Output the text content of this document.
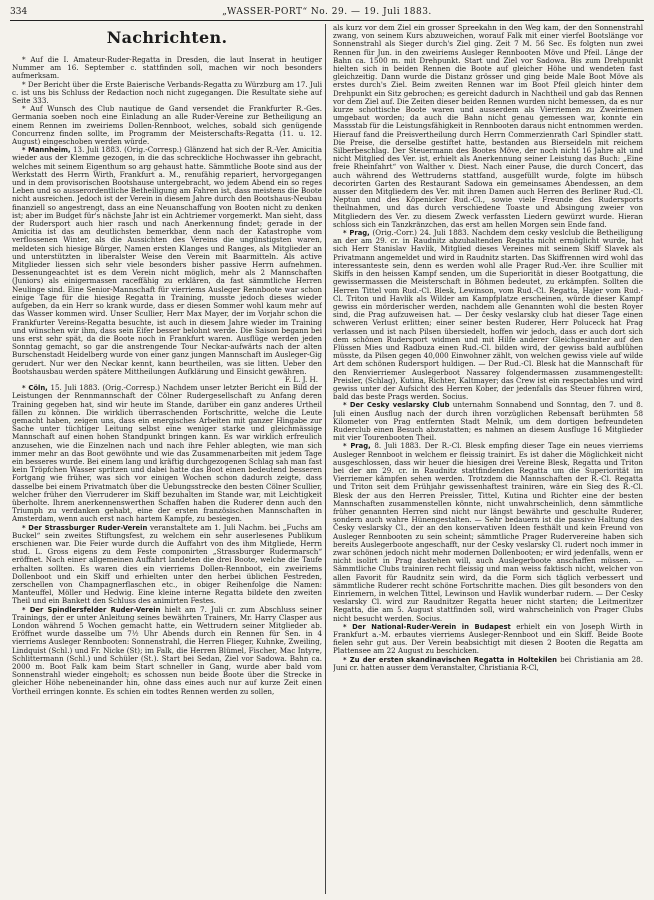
334	„WASSER-PORT“ No. 29. — 19. Juli 1883.
Nachrichten.

* Auf die I. Amateur-Ruder-Regatta in Dresden, die laut Inserat in heutiger Nummer am 16. September c. stattfinden soll, machen wir noch besonders aufmerksam.

* Der Bericht über die Erste Baierische Verbands-Regatta zu Würzburg am 17. Juli c. ist uns bis Schluss der Redaction noch nicht zugegangen. Die Resultate siehe auf Seite 333.

* Auf Wunsch des Club nautique de Gand versendet die Frankfurter R.-Ges. Germania soeben noch eine Einladung an alle Ruder-Vereine zur Betheiligung an einem Rennen im zweiriems Dollen-Rennboot, welches, sobald sich genügende Concurrenz finden sollte, im Programm der Meisterschafts-Regatta (11. u. 12. August) eingeschoben werden würde.

* Mannheim, 13. Juli 1883. (Orig.-Corresp.) Glänzend hat sich der R.-Ver. Amicitia wieder aus der Klemme gezogen, in die das schreckliche Hochwasser ihn gebracht, welches mit seinem Eigenthum so arg gehaust hatte. Sämmtliche Boote sind aus der Werkstatt des Herrn Wirth, Frankfurt a. M., renufähig repariert, hervorgegangen und in dem provisorischen Bootshause untergebracht, wo jedem Abend ein so reges Leben und so ausserordentliche Betheiligung am Fahren ist, dass meistens die Boote nicht ausreichen. Jedoch ist der Verein in diesem Jahre durch den Bootshaus-Neubau finanziell so angestrengt, dass an eine Neuanschaffung von Booten nicht zu denken ist; aber im Budget für's nächste Jahr ist ein Achtriemer vorgemerkt. Man sieht, dass der Rudersport auch hier rasch und nach Anerkennung findet; gerade in der Amicitia ist das am deutlichsten bemerkbar, denn nach der Katastrophe vom verflossenen Winter, als die Aussichten des Vereins die ungünstigsten waren, meldeten sich hiesige Bürger, Namen ersten Klanges und Ranges, als Mitglieder an und unterstützten in liberalster Weise den Verein mit Baarmitteln. Als active Mitglieder liessen sich sehr viele besonders bisher passive Herrn aufnehmen. Dessenungeachtet ist es dem Verein nicht möglich, mehr als 2 Mannschaften (Juniors) als einigermassen raceffähig zu erklären, da fast sämmtliche Herren Neulinge sind. Eine Senior-Mannschaft für vierriems Ausleger Rennboote war schon einige Tage für die hiesige Regatta in Training, musste jedoch dieses wieder aufgeben, da ein Herr so krank wurde, dass er diesen Sommer wohl kaum mehr auf das Wasser kommen wird. Unser Scullier, Herr Max Mayer, der im Vorjahr schon die Frankfurter Vereins-Regatta besuchte, ist auch in diesem Jahre wieder im Training und wünschen wir ihm, dass sein Eifer besser belohnt werde. Die Saison begann bei uns erst sehr spät, da die Boote noch in Frankfurt waren. Ausflüge werden jeden Sonntag gemacht, so gar die anstrengende Tour Neckar-aufwärts nach der alten Burschenstadt Heidelberg wurde von einer ganz jungen Mannschaft im Ausleger-Gig gerudert. Nur wer den Neckar kennt, kann beurtheilen, was sie litten. Ueber den Bootshausbau werden spätere Mittheilungen Aufklärung und Einsicht gewähren.

F. L. J. H.

* Cöln, 15. Juli 1883. (Orig.-Corresp.) Nachdem unser letzter Bericht ein Bild der Leistungen der Rennmannschaft der Cölner Rudergesellschaft zu Anfang deren Training gegeben hat, sind wir heute im Stande, darüber ein ganz anderes Urtheil fällen zu können. Die wirklich überraschenden Fortschritte, welche die Leute gemacht haben, zeigen uns, dass ein energisches Arbeiten mit ganzer Hingabe zur Sache unter tüchtiger Leitung selbst eine weniger starke und gleichmässige Mannschaft auf einen hohen Standpunkt bringen kann. Es war wirklich erfreulich anzusehen, wie die Einzelnen nach und nach ihre Fehler ablegten, wie man sich immer mehr an das Boot gewöhnte und wie das Zusammenarbeiten mit jedem Tage ein besseres wurde. Bei einem lang und kräftig durchgezogenen Schlag sah man fast kein Tröpfchen Wasser spritzen und dabei hatte das Boot einen bedeutend besseren Fortgang wie früher, was sich vor einigen Wochen schon dadurch zeigte, dass dasselbe bei einem Privatmatch über die Uebungsstrecke den besten Cölner Scullier, welcher früher den Vierruderer im Skiff bezuhalten im Stande war, mit Leichtigkeit überholte. Ihrem anerkennenswerthen Schaffen haben die Ruderer denn auch den Triumph zu verdanken gehabt, eine der ersten französischen Mannschaften in Amsterdam, wenn auch erst nach hartem Kampfe, zu besiegen.

* Der Strassburger Ruder-Verein veranstaltete am 1. Juli Nachm. bei „Fuchs am Buckel“ sein zweites Stiftungsfest, zu welchem ein sehr auserlesenes Publikum erschienen war. Die Feier wurde durch die Auffahrt von des ihm Mitgliede, Herrn stud. L. Gross eigens zu dem Feste componirten „Strassburger Rudermarsch“ eröffnet. Nach einer allgemeinen Auffahrt landeten die drei Boote, welche die Taufe erhalten sollten. Es waren dies ein vierriems Dollen-Rennboot, ein zweiriems Dollenboot und ein Skiff und erhielten unter den herbei üblichen Festreden, zerschellen von Champagnerflaschen etc., in obiger Reihenfolge die Namen: Manteuffel, Möller und Hedwig. Eine kleine interne Regatta bildete den zweiten Theil und ein Bankett den Schluss des animirten Festes.

* Der Spindlersfelder Ruder-Verein hielt am 7. Juli cr. zum Abschluss seiner Trainings, der er unter Anleitung seines bewährten Trainers, Mr. Harry Clasper aus London während 5 Wochen gemacht hatte, ein Wettrudern seiner Mitglieder ab. Eröffnet wurde dasselbe um 7½ Uhr Abends durch ein Rennen für Sen. in 4 vierriems Ausleger Rennbooten: Sonnenstrahl, die Herren Flieger, Kuhnke, Zweiling, Lindquist (Schl.) und Fr. Nicke (St); im Falk, die Herren Blümel, Fischer, Mac Intyre, Schlittermann (Schl.) und Schüler (St.). Start bei Sedan, Ziel vor Sadowa. Bahn ca. 2000 m. Boot Falk kam beim Start schneller in Gang, wurde aber bald vom Sonnenstrahl wieder eingeholt; es schossen nun beide Boote über die Strecke in gleicher Höhe nebeneinander hin, ohne dass eines auch nur auf kurze Zeit einen Vortheil erringen konnte. Es schien ein todtes Rennen werden zu sollen,

als kurz vor dem Ziel ein grosser Spreekahn in den Weg kam, der den Sonnenstrahl zwang, von seinem Kurs abzuweichen, worauf Falk mit einer vierfel Bootslänge vor Sonnenstrahl als Sieger durch's Ziel ging. Zeit 7 M. 56 Sec. Es folgten nun zwei Rennen für Jun. in den zweiriems Ausleger Rennbooten Möve und Pfeil. Länge der Bahn ca. 1500 m. mit Drehpunkt. Start und Ziel vor Sadowa. Bis zum Drehpunkt hielten sich in beiden Rennen die Boote auf gleicher Höhe und wendeten fast gleichzeitig. Dann wurde die Distanz grösser und ging beide Male Boot Möve als erstes durch's Ziel. Beim zweiten Rennen war im Boot Pfeil gleich hinter dem Drehpunkt ein Sitz gebrochen; es gereicht dadurch in Nachtheil und gab das Rennen vor dem Ziel auf. Die Zeiten dieser beiden Rennen wurden nicht bemessen, da es nur kurze schottische Boote waren und ausserdem als Vierriemen zu Zweiriemen umgebaut worden; da auch die Bahn nicht genau gemessen war, konnte ein Massstab für die Leistungsfähigkeit in Rennbooten daraus nicht entnommen werden. Hierauf fand die Preisvertheilung durch Herrn Commerzienrath Carl Spindler statt. Die Preise, die derselbe gestiftet hatte, bestanden aus Bierseideln mit reichem Silberbeschlag. Der Steuermann des Bootes Möve, der noch nicht 16 Jahre alt und nicht Mitglied des Ver. ist, erhielt als Anerkennung seiner Leistung das Buch: „Eine freie Rheinfahrt“ von Walther v. Diest. Nach einer Pause, die durch Concert, das auch während des Wettruderns stattfand, ausgefüllt wurde, folgte im hübsch decorirten Garten des Restaurant Sadowa ein gemeinsames Abendessen, an dem ausser den Mitgliedern des Ver. mit ihren Damen auch Herren des Berliner Rud.-Cl. Neptun und des Köpenicker Rud.-Cl., sowie viele Freunde des Rudersports theilnahmen, und das durch verschiedene Toaste und Absingung zweier von Mitgliedern des Ver. zu diesem Zweck verfassten Liedern gewürzt wurde. Hieran schloss sich ein Tanzkränzchen, das erst am hellen Morgen sein Ende fand.

* Prag, (Orig.-Corr.) 24. Juli 1883. Nachdem dem cesky veslclub die Betheiligung an der am 29. cr. in Raudnitz abzuhaltenden Regatta nicht ermöglicht wurde, hat sich Herr Stanislav Havlik, Mitglied dieses Vereines mit seinem Skiff Slavek als Privatmann angemeldet und wird in Raudnitz starten. Das Skiffrennen wird wohl das interessanteste sein, denn es werden wohl alle Prager Rud.-Ver. ihre Scullier mit Skiffs in den heissen Kampf senden, um die Superiorität in dieser Bootgattung, die gewissermassen die Meisterschaft in Böhmen bedeutet, zu erkämpfen. Sollten die Herren Tittel vom Rud.-Cl. Blesk, Lewinson, vom Rud.-Cl. Regatta, Hajer vom Rud.-Cl. Triton und Havlik als Wilder am Kampfplatze erscheinen, würde dieser Kampf gewiss ein mörderischer werden, nachdem alle Genannten wohl die besten Royer sind, die Prag aufzuweisen hat. — Der česky veslarsky club hat dieser Tage einen schweren Verlust erlitten; einer seiner besten Ruderer, Herr Poluceck hat Prag verlassen und ist nach Pilsen übersiedelt, hoffen wir jedoch, dass er auch dort sich dem schönen Rudersport widmen und mit Hilfe anderer Gleichgesinnter auf den Flüssen Mies und Radbuza einen Rud.-Cl. bilden wird, der gewiss bald aufblühen müsste, da Pilsen gegen 40,000 Einwohner zählt, von welchen gewiss viele auf wilde Art dem schönen Rudersport huldigen. — Der Rud.-Cl. Blesk hat die Mannschaft für den Renvierriemer Auslegerboot Nassarey folgendermassen zusammengestellt: Preisler, (Schlag), Kutina, Richter, Kaltmayer; das Crew ist ein respectables und wird gewiss unter der Aufsicht des Herren Kober, der jedenfalls das Steuer führen wird, bald das beste Prags werden. Socius.

* Der Cesky veslarsky Club unternahm Sonnabend und Sonntag, den 7. und 8. Juli einen Ausflug nach der durch ihren vorzüglichen Rebensaft berühmten 58 Kilometer von Prag entfernten Stadt Melnik, um dem dortigen befreundeten Ruderclub einen Besuch abzustatten; es nahmen an diesem Ausfluge 16 Mitglieder mit vier Tourenbooten Theil.

* Prag, 8. Juli 1883. Der R.-Cl. Blesk empfing dieser Tage ein neues vierriems Ausleger Rennboot in welchem er fleissig trainirt. Es ist daher die Möglichkeit nicht ausgeschlossen, dass wir heuer die hiesigen drei Vereine Blesk, Regatta und Triton bei der am 29. cr. in Raudnitz stattfindenden Regatta um die Superiorität im Vierriemer kämpfen sehen werden. Trotzdem die Mannschaften der R.-Cl. Regatta und Triton seit dem Frühjahr gewissenhaftest trainiren, wäre ein Sieg des R.-Cl. Blesk der aus den Herren Preissler, Tittel, Kutina und Richter eine der besten Mannschaften zusammenstellen könnte, nicht unwahrscheinlich, denn sämmtliche früher genannten Herren sind nicht nur längst bewährte und geschulte Ruderer, sondern auch wahre Hünengestalten. — Sehr bedauern ist die passive Haltung des Česky veslarsky Cl., der an den konservativen Ideen festhält und kein Freund von Ausleger Rennbooten zu sein scheint; sämmtliche Prager Rudervereine haben sich bereits Auslegerboote angeschafft, nur der Cesky veslarsky Cl. rudert noch immer in zwar schönen jedoch nicht mehr modernen Dollenbooten; er wird jedenfalls, wenn er nicht isolirt in Prag dastehen will, auch Auslegerboote anschaffen müssen. — Sämmtliche Clubs trainiren recht fleissig und man weiss faktisch nicht, welcher von allen Favorit für Raudnitz sein wird, da die Form sich täglich verbessert und sämmtliche Ruderer recht schöne Fortschritte machen. Dies gilt besonders von den Einriemern, in welchen Tittel, Lewinson und Havlik wunderbar rudern. — Der Cesky veslarsky Cl. wird zur Raudnitzer Regatta heuer nicht starten; die Leitmeritzer Regatta, die am 5. August stattfinden soll, wird wahrscheinlich von Prager Clubs nicht besucht werden. Socius.

* Der National-Ruder-Verein in Budapest erhielt ein von Joseph Wirth in Frankfurt a.-M. erbautes vierriems Ausleger-Rennboot und ein Skiff. Beide Boote fielen sehr gut aus. Der Verein beabsichtigt mit diesen 2 Booten die Regatta am Plattensee am 22 August zu beschicken.

* Zu der ersten skandinavischen Regatta in Holtekilen bei Christiania am 28. Juni cr. hatten ausser dem Veranstalter, Christiania R-Cl,
